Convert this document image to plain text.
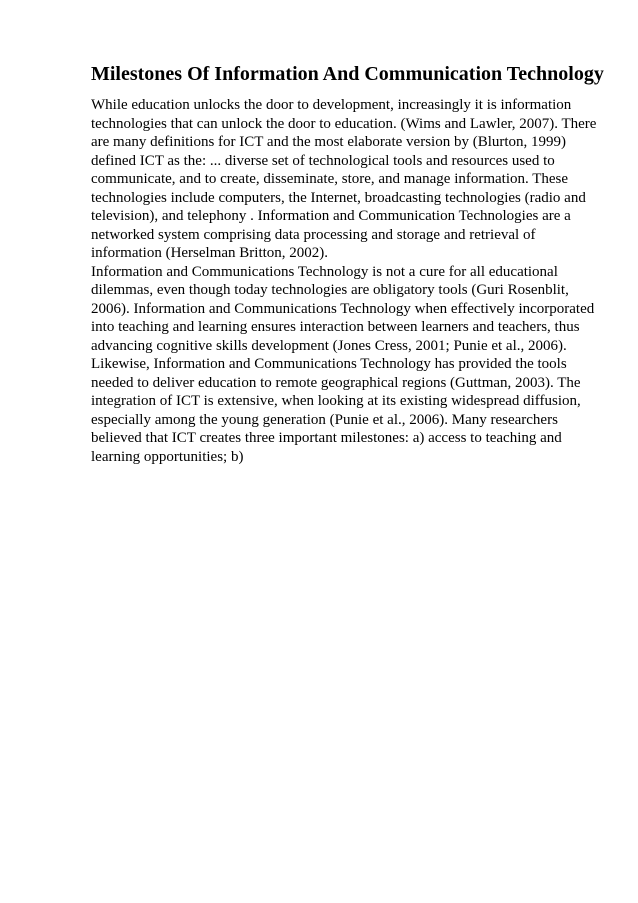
Milestones Of Information And Communication Technology
While education unlocks the door to development, increasingly it is information
technologies that can unlock the door to education. (Wims and Lawler, 2007). There
are many definitions for ICT and the most elaborate version by (Blurton, 1999)
defined ICT as the: ... diverse set of technological tools and resources used to
communicate, and to create, disseminate, store, and manage information. These
technologies include computers, the Internet, broadcasting technologies (radio and
television), and telephony . Information and Communication Technologies are a
networked system comprising data processing and storage and retrieval of
information (Herselman Britton, 2002).
Information and Communications Technology is not a cure for all educational
dilemmas, even though today technologies are obligatory tools (Guri Rosenblit,
2006). Information and Communications Technology when effectively incorporated
into teaching and learning ensures interaction between learners and teachers, thus
advancing cognitive skills development (Jones Cress, 2001; Punie et al., 2006).
Likewise, Information and Communications Technology has provided the tools
needed to deliver education to remote geographical regions (Guttman, 2003). The
integration of ICT is extensive, when looking at its existing widespread diffusion,
especially among the young generation (Punie et al., 2006). Many researchers
believed that ICT creates three important milestones: a) access to teaching and
learning opportunities; b)
